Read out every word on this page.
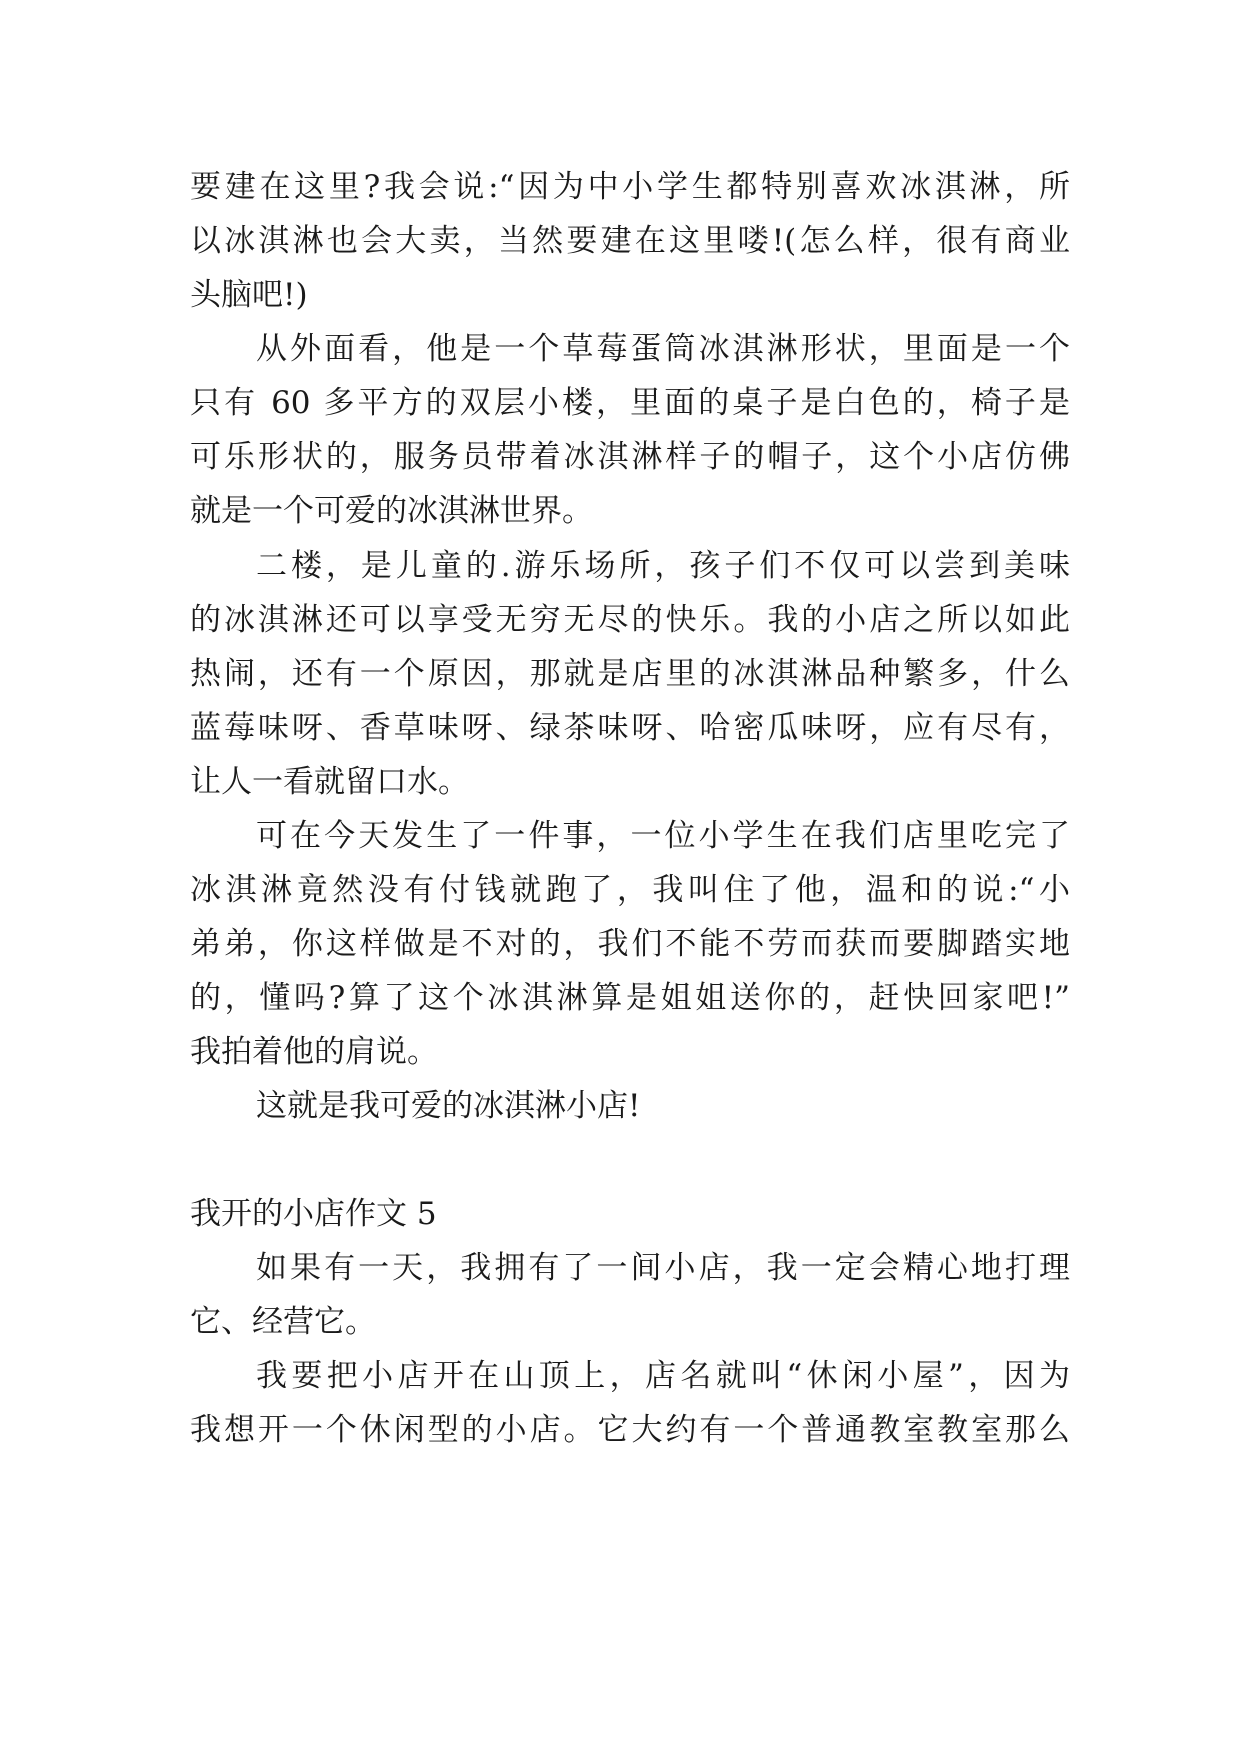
要建在这里?我会说:“因为中小学生都特别喜欢冰淇淋，所
以冰淇淋也会大卖，当然要建在这里喽!(怎么样，很有商业
头脑吧!)
从外面看，他是一个草莓蛋筒冰淇淋形状，里面是一个
只有 60 多平方的双层小楼，里面的桌子是白色的，椅子是
可乐形状的，服务员带着冰淇淋样子的帽子，这个小店仿佛
就是一个可爱的冰淇淋世界。
二楼，是儿童的.游乐场所，孩子们不仅可以尝到美味
的冰淇淋还可以享受无穷无尽的快乐。我的小店之所以如此
热闹，还有一个原因，那就是店里的冰淇淋品种繁多，什么
蓝莓味呀、香草味呀、绿茶味呀、哈密瓜味呀，应有尽有，
让人一看就留口水。
可在今天发生了一件事，一位小学生在我们店里吃完了
冰淇淋竟然没有付钱就跑了，我叫住了他，温和的说:“小
弟弟，你这样做是不对的，我们不能不劳而获而要脚踏实地
的，懂吗?算了这个冰淇淋算是姐姐送你的，赶快回家吧!”
我拍着他的肩说。
这就是我可爱的冰淇淋小店!
我开的小店作文 5
如果有一天，我拥有了一间小店，我一定会精心地打理
它、经营它。
我要把小店开在山顶上，店名就叫“休闲小屋”，因为
我想开一个休闲型的小店。它大约有一个普通教室教室那么
